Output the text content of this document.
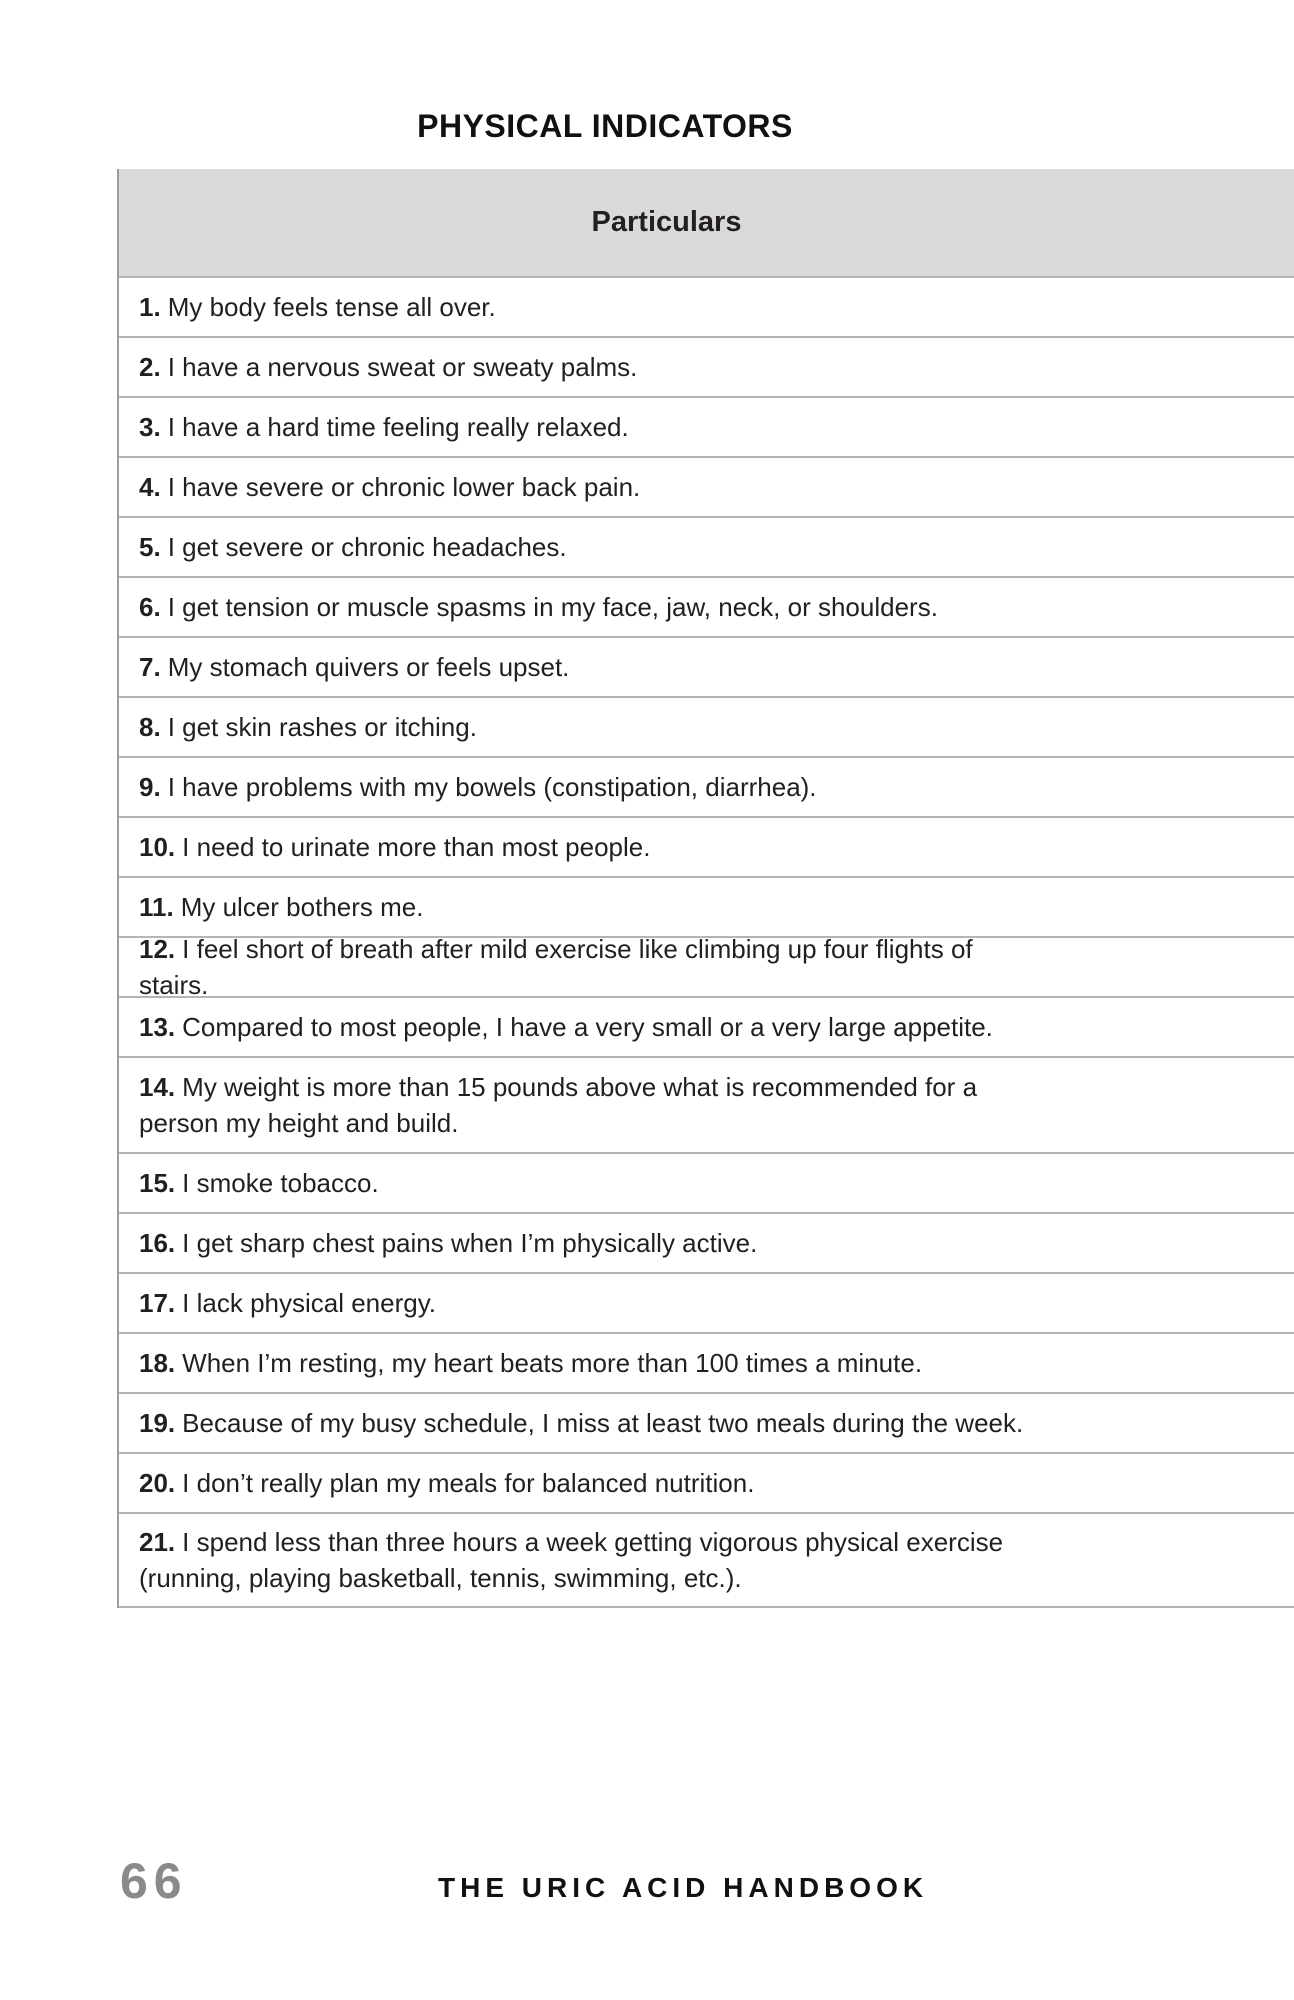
PHYSICAL INDICATORS
Particulars
1. My body feels tense all over.
2. I have a nervous sweat or sweaty palms.
3. I have a hard time feeling really relaxed.
4. I have severe or chronic lower back pain.
5. I get severe or chronic headaches.
6. I get tension or muscle spasms in my face, jaw, neck, or shoulders.
7. My stomach quivers or feels upset.
8. I get skin rashes or itching.
9. I have problems with my bowels (constipation, diarrhea).
10. I need to urinate more than most people.
11. My ulcer bothers me.
12. I feel short of breath after mild exercise like climbing up four flights of stairs.
13. Compared to most people, I have a very small or a very large appetite.
14. My weight is more than 15 pounds above what is recommended for a person my height and build.
15. I smoke tobacco.
16. I get sharp chest pains when I’m physically active.
17. I lack physical energy.
18. When I’m resting, my heart beats more than 100 times a minute.
19. Because of my busy schedule, I miss at least two meals during the week.
20. I don’t really plan my meals for balanced nutrition.
21. I spend less than three hours a week getting vigorous physical exercise (running, playing basketball, tennis, swimming, etc.).
66	THE URIC ACID HANDBOOK
